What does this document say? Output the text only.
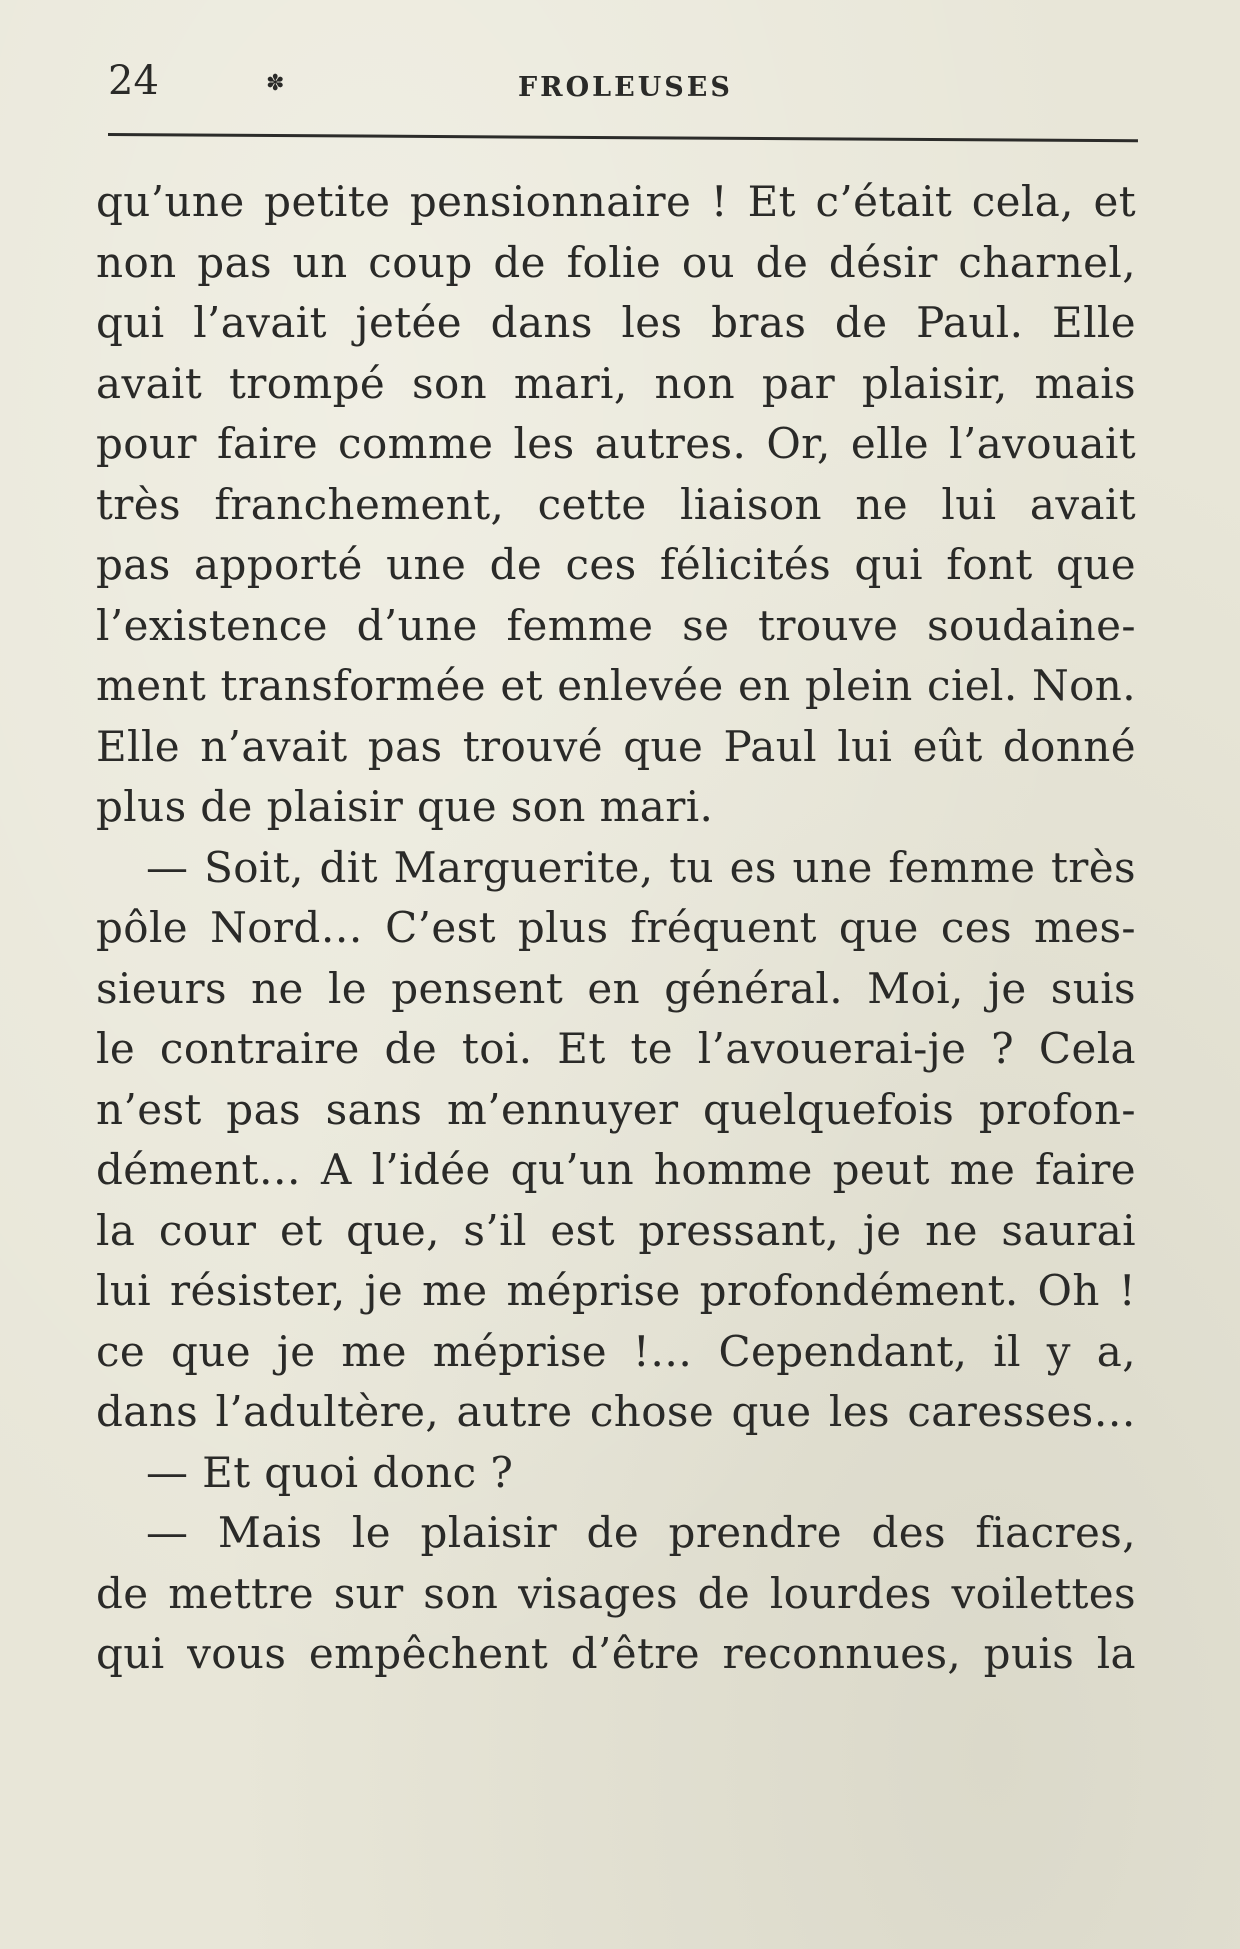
24	✽	FROLEUSES
qu’une petite pensionnaire ! Et c’était cela, et
non pas un coup de folie ou de désir charnel,
qui l’avait jetée dans les bras de Paul. Elle
avait trompé son mari, non par plaisir, mais
pour faire comme les autres. Or, elle l’avouait
très franchement, cette liaison ne lui avait
pas apporté une de ces félicités qui font que
l’existence d’une femme se trouve soudaine-
ment transformée et enlevée en plein ciel. Non.
Elle n’avait pas trouvé que Paul lui eût donné
plus de plaisir que son mari.
— Soit, dit Marguerite, tu es une femme très
pôle Nord… C’est plus fréquent que ces mes-
sieurs ne le pensent en général. Moi, je suis
le contraire de toi. Et te l’avouerai-je ? Cela
n’est pas sans m’ennuyer quelquefois profon-
dément… A l’idée qu’un homme peut me faire
la cour et que, s’il est pressant, je ne saurai
lui résister, je me méprise profondément. Oh !
ce que je me méprise !… Cependant, il y a,
dans l’adultère, autre chose que les caresses…
— Et quoi donc ?
— Mais le plaisir de prendre des fiacres,
de mettre sur son visages de lourdes voilettes
qui vous empêchent d’être reconnues, puis la
